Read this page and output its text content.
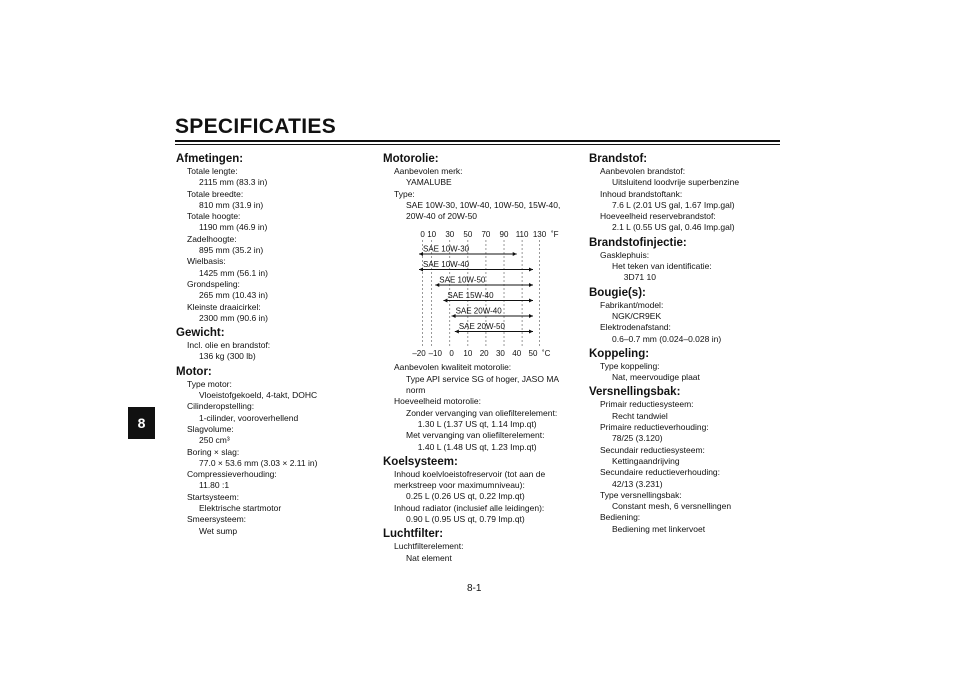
SPECIFICATIES
8
Afmetingen:
Totale lengte:
2115 mm (83.3 in)
Totale breedte:
810 mm (31.9 in)
Totale hoogte:
1190 mm (46.9 in)
Zadelhoogte:
895 mm (35.2 in)
Wielbasis:
1425 mm (56.1 in)
Grondspeling:
265 mm (10.43 in)
Kleinste draaicirkel:
2300 mm (90.6 in)
Gewicht:
Incl. olie en brandstof:
136 kg (300 lb)
Motor:
Type motor:
Vloeistofgekoeld, 4-takt, DOHC
Cilinderopstelling:
1-cilinder, vooroverhellend
Slagvolume:
250 cm³
Boring × slag:
77.0 × 53.6 mm (3.03 × 2.11 in)
Compressieverhouding:
11.80 :1
Startsysteem:
Elektrische startmotor
Smeersysteem:
Wet sump
Motorolie:
Aanbevolen merk:
YAMALUBE
Type:
SAE 10W-30, 10W-40, 10W-50, 15W-40, 20W-40 of 20W-50
0 10 30 50 70 90 110 130 ˚F
–20 –10 0 10 20 30 40 50 ˚C
SAE 10W-30
SAE 10W-40
SAE 10W-50
SAE 15W-40
SAE 20W-40
SAE 20W-50
Aanbevolen kwaliteit motorolie:
Type API service SG of hoger, JASO MA norm
Hoeveelheid motorolie:
Zonder vervanging van oliefilterelement:
1.30 L (1.37 US qt, 1.14 Imp.qt)
Met vervanging van oliefilterelement:
1.40 L (1.48 US qt, 1.23 Imp.qt)
Koelsysteem:
Inhoud koelvloeistofreservoir (tot aan de merkstreep voor maximumniveau):
0.25 L (0.26 US qt, 0.22 Imp.qt)
Inhoud radiator (inclusief alle leidingen):
0.90 L (0.95 US qt, 0.79 Imp.qt)
Luchtfilter:
Luchtfilterelement:
Nat element
Brandstof:
Aanbevolen brandstof:
Uitsluitend loodvrije superbenzine
Inhoud brandstoftank:
7.6 L (2.01 US gal, 1.67 Imp.gal)
Hoeveelheid reservebrandstof:
2.1 L (0.55 US gal, 0.46 Imp.gal)
Brandstofinjectie:
Gasklephuis:
Het teken van identificatie:
3D71 10
Bougie(s):
Fabrikant/model:
NGK/CR9EK
Elektrodenafstand:
0.6–0.7 mm (0.024–0.028 in)
Koppeling:
Type koppeling:
Nat, meervoudige plaat
Versnellingsbak:
Primair reductiesysteem:
Recht tandwiel
Primaire reductieverhouding:
78/25 (3.120)
Secundair reductiesysteem:
Kettingaandrijving
Secundaire reductieverhouding:
42/13 (3.231)
Type versnellingsbak:
Constant mesh, 6 versnellingen
Bediening:
Bediening met linkervoet
8-1
